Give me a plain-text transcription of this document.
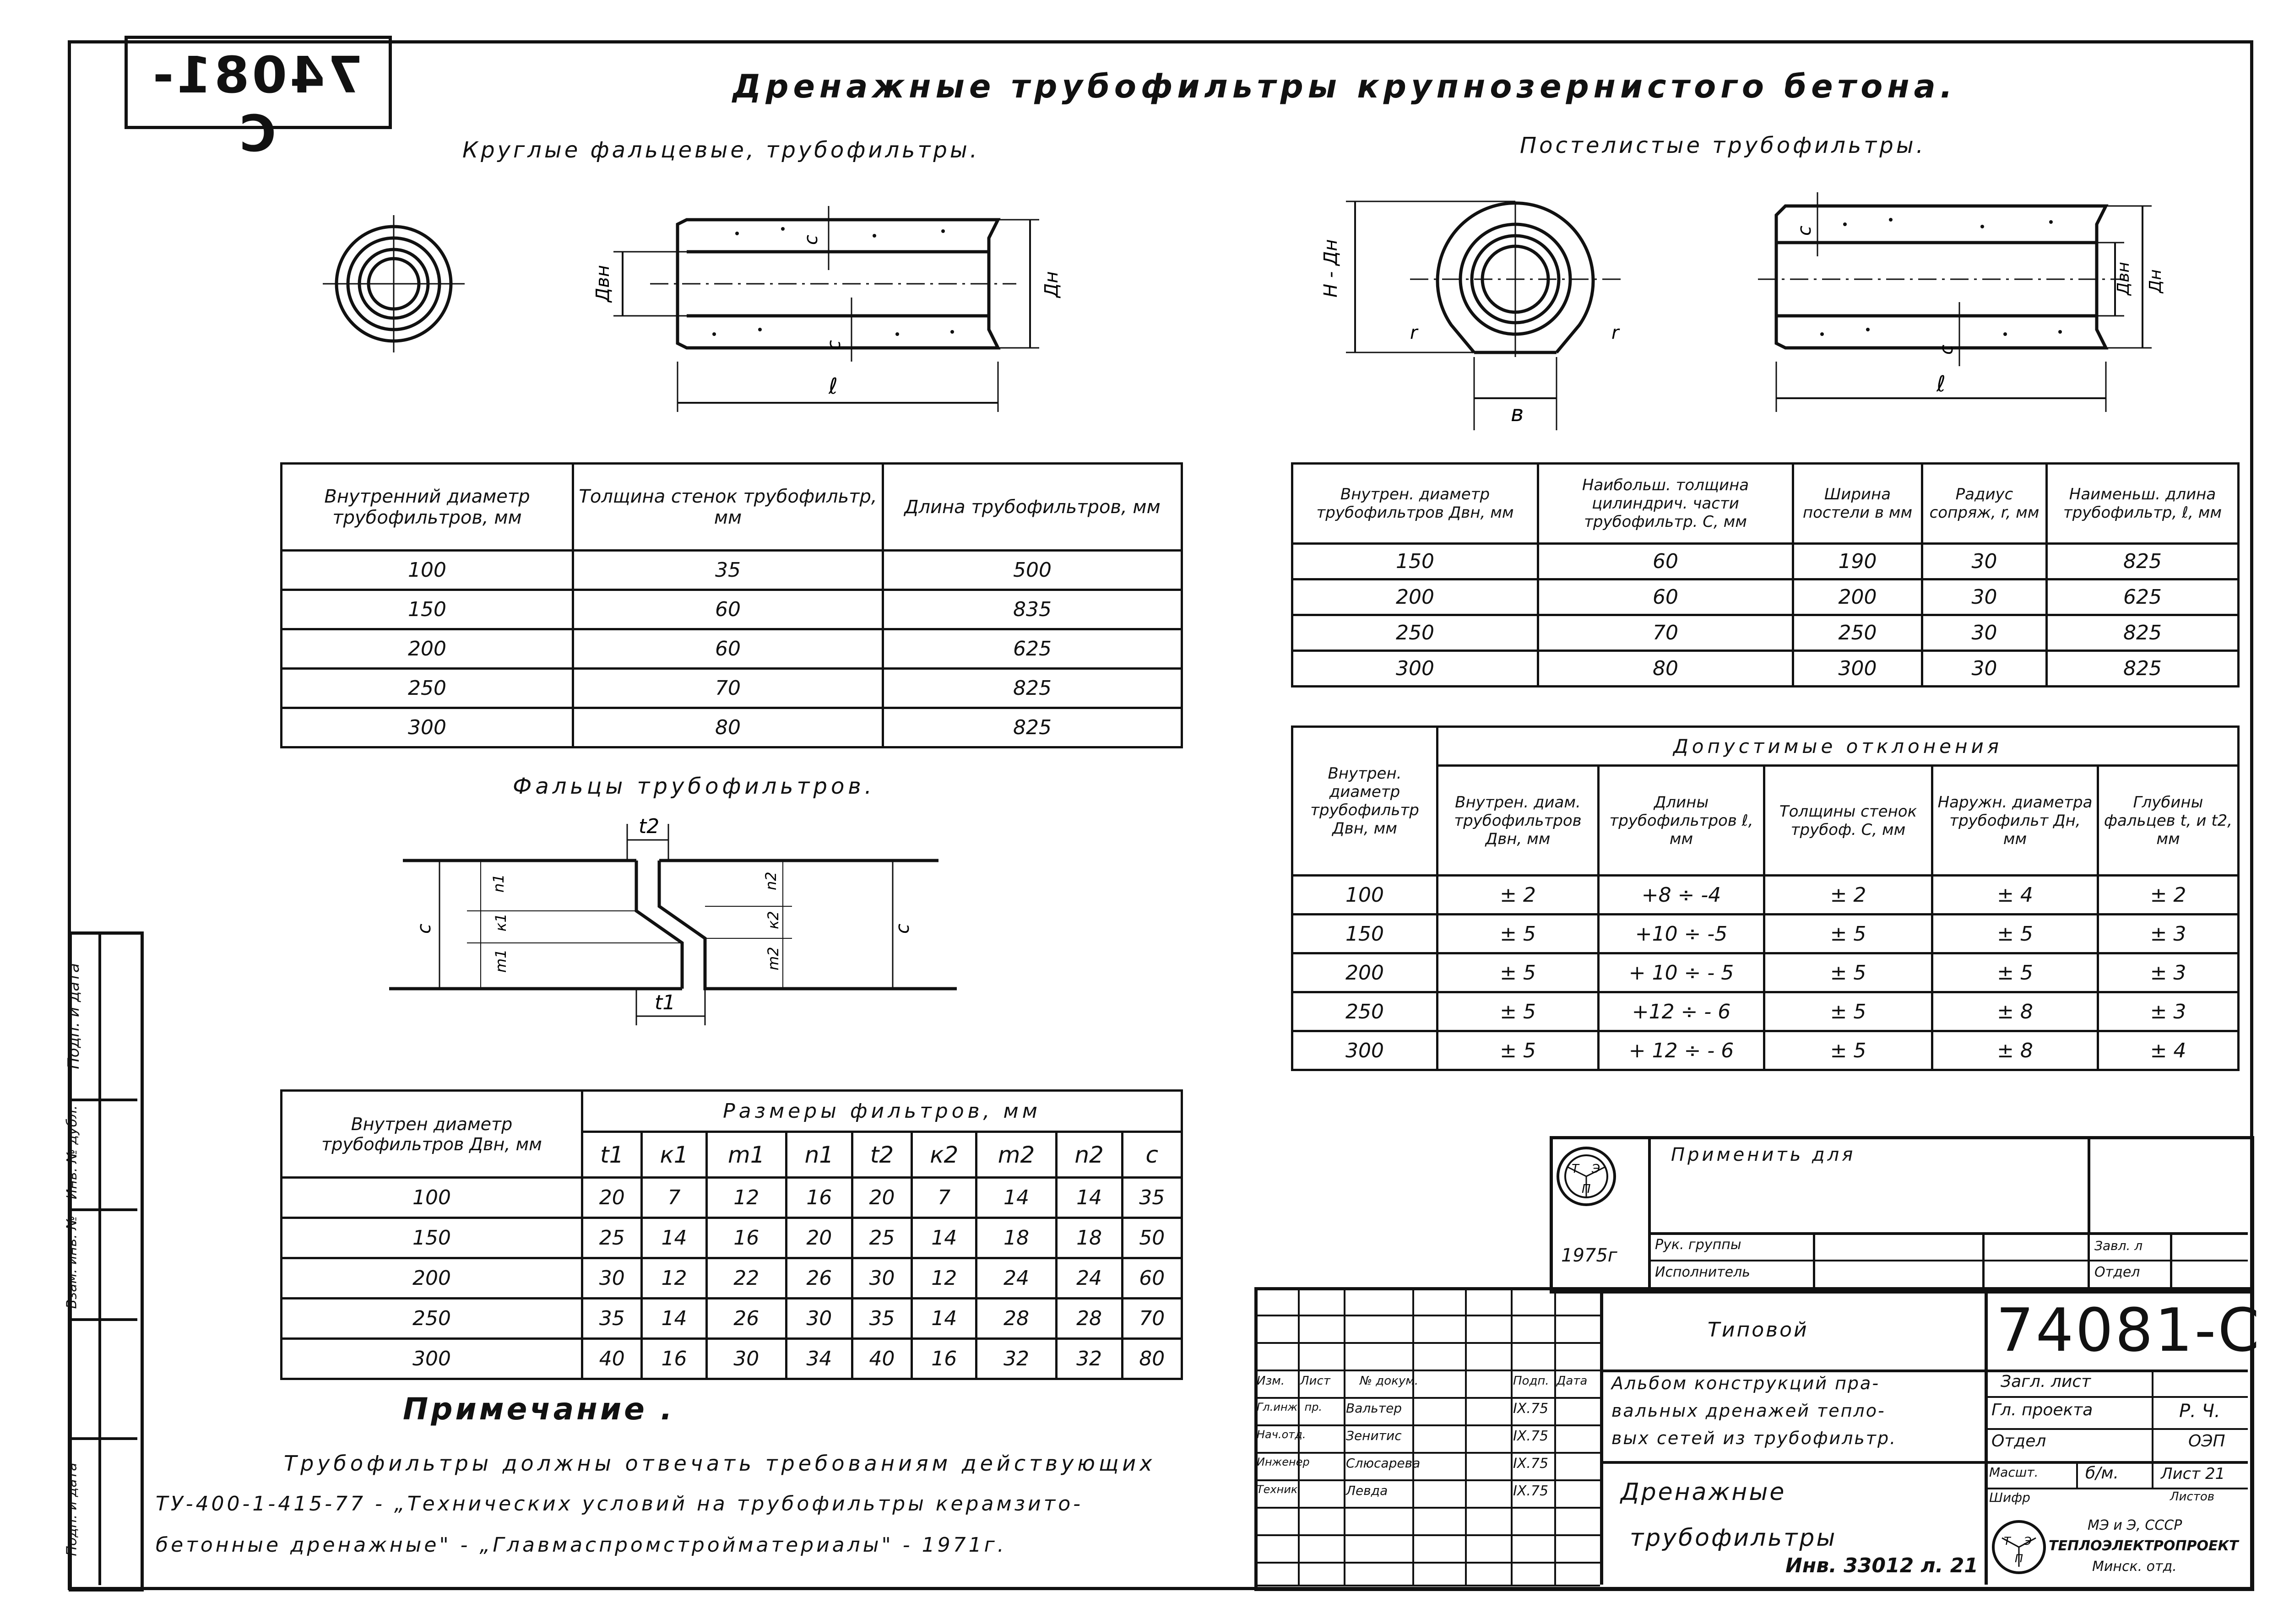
Подп. и дата
Инв. № дубл.
Взам. инв. №
Подп. и дата
74081-C
Дренажные трубофильтры крупнозернистого бетона.
Круглые фальцевые, трубофильтры.	Постелистые трубофильтры.
c
c
Двн	Дн
ℓ
Н - Дн
r	r
в
c
c
Двн Дн
ℓ
Внутренний диаметр трубофильтров, мм	Толщина стенок трубофильтр, мм	Длина трубофильтров, мм
100	35	500
150	60	835
200	60	625
250	70	825
300	80	825
Внутрен. диаметр трубофильтров Двн, мм	Наибольш. толщина цилиндрич. части трубофильтр. С, мм	Ширина постели в мм	Радиус сопряж, r, мм	Наименьш. длина трубофильтр, ℓ, мм
150	60	190	30	825
200	60	200	30	625
250	70	250	30	825
300	80	300	30	825
Фальцы трубофильтров.
t2
t1
c	c
n1
к1
m1
n2
к2
m2
Внутрен. диаметр трубофильтр Двн, мм	Допустимые отклонения				
	Внутрен. диам. трубофильтров Двн, мм	Длины трубофильтров ℓ, мм	Толщины стенок трубоф. С, мм	Наружн. диаметра трубофильт Дн, мм	Глубины фальцев t, и t2, мм
100	± 2	+8 ÷ -4	± 2	± 4	± 2
150	± 5	+10 ÷ -5	± 5	± 5	± 3
200	± 5	+ 10 ÷ - 5	± 5	± 5	± 3
250	± 5	+12 ÷ - 6	± 5	± 8	± 3
300	± 5	+ 12 ÷ - 6	± 5	± 8	± 4
Внутрен диаметр трубофильтров Двн, мм	Размеры фильтров, мм								
	t1	к1	m1	n1	t2	к2	m2	n2	c
100	20	7	12	16	20	7	14	14	35
150	25	14	16	20	25	14	18	18	50
200	30	12	22	26	30	12	24	24	60
250	35	14	26	30	35	14	28	28	70
300	40	16	30	34	40	16	32	32	80
Примечание .
Трубофильтры должны отвечать требованиям действующих
ТУ-400-1-415-77 - „Технических условий на трубофильтры керамзито-
бетонные дренажные" - „Главмаспромстройматериалы" - 1971г.
Т Э
П
Применить для
1975г
Рук. группы
Исполнитель
Завл. л
Отдел
Изм. Лист № докум.	Подп. Дата
Гл.инж. пр. Вальтер	IX.75
Нач.отд.	Зенитис	IX.75
Инженер	Слюсарева	IX.75
Техник	Левда	IX.75
Типовой	74081-С
Альбом конструкций пра-
вальных дренажей тепло-
вых сетей из трубофильтр.
Загл. лист
Гл. проекта	Р. Ч.
Отдел	ОЭП
Масшт.	б/м.	Лист 21
Шифр	Листов
Дренажные
трубофильтры
Инв. 33012 л. 21
Т Э
П
МЭ и Э, СССР
ТЕПЛОЭЛЕКТРОПРОЕКТ
Минск. отд.
